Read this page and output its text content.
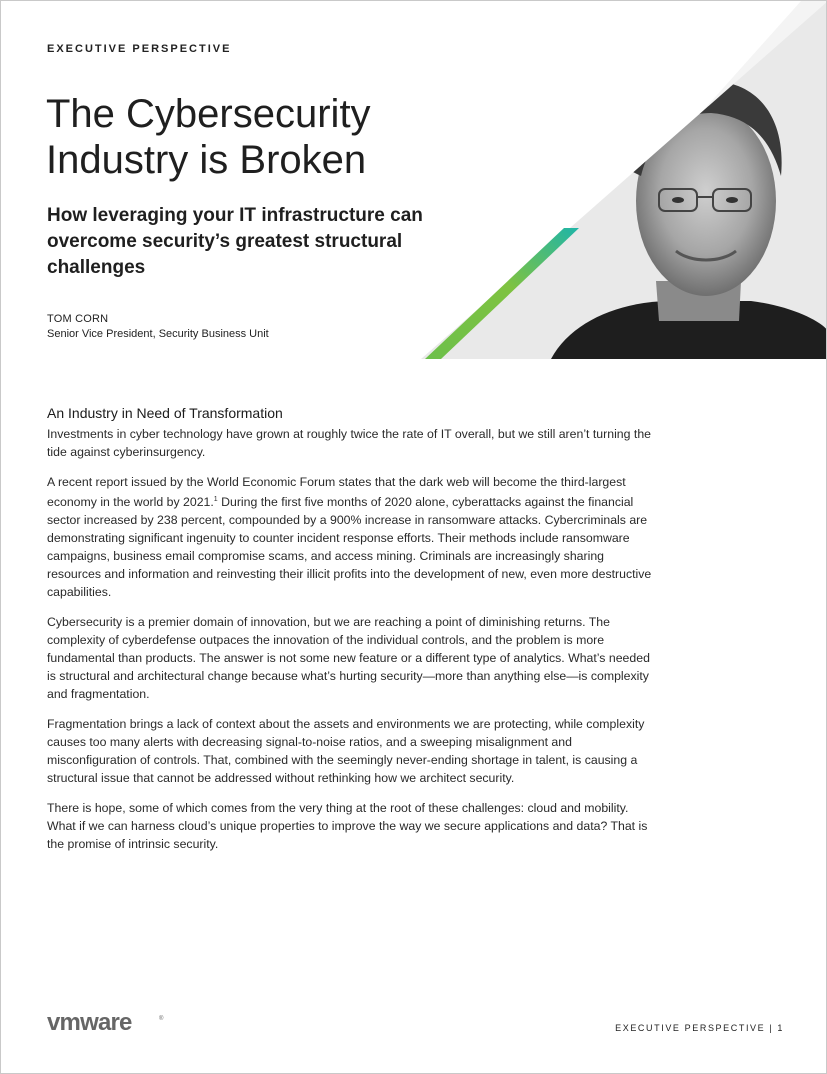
EXECUTIVE PERSPECTIVE
The Cybersecurity Industry is Broken
How leveraging your IT infrastructure can overcome security’s greatest structural challenges
TOM CORN
Senior Vice President, Security Business Unit
An Industry in Need of Transformation

Investments in cyber technology have grown at roughly twice the rate of IT overall, but we still aren’t turning the tide against cyberinsurgency.

A recent report issued by the World Economic Forum states that the dark web will become the third-largest economy in the world by 2021.$^1$ During the first five months of 2020 alone, cyberattacks against the financial sector increased by 238 percent, compounded by a 900% increase in ransomware attacks. Cybercriminals are demonstrating significant ingenuity to counter incident response efforts. Their methods include ransomware campaigns, business email compromise scams, and access mining. Criminals are increasingly sharing resources and information and reinvesting their illicit profits into the development of new, even more destructive capabilities.

Cybersecurity is a premier domain of innovation, but we are reaching a point of diminishing returns. The complexity of cyberdefense outpaces the innovation of the individual controls, and the problem is more fundamental than products. The answer is not some new feature or a different type of analytics. What’s needed is structural and architectural change because what’s hurting security—more than anything else—is complexity and fragmentation.

Fragmentation brings a lack of context about the assets and environments we are protecting, while complexity causes too many alerts with decreasing signal-to-noise ratios, and a sweeping misalignment and misconfiguration of controls. That, combined with the seemingly never-ending shortage in talent, is causing a structural issue that cannot be addressed without rethinking how we architect security.

There is hope, some of which comes from the very thing at the root of these challenges: cloud and mobility. What if we can harness cloud’s unique properties to improve the way we secure applications and data? That is the promise of intrinsic security.

vmware	®
EXECUTIVE PERSPECTIVE | 1
